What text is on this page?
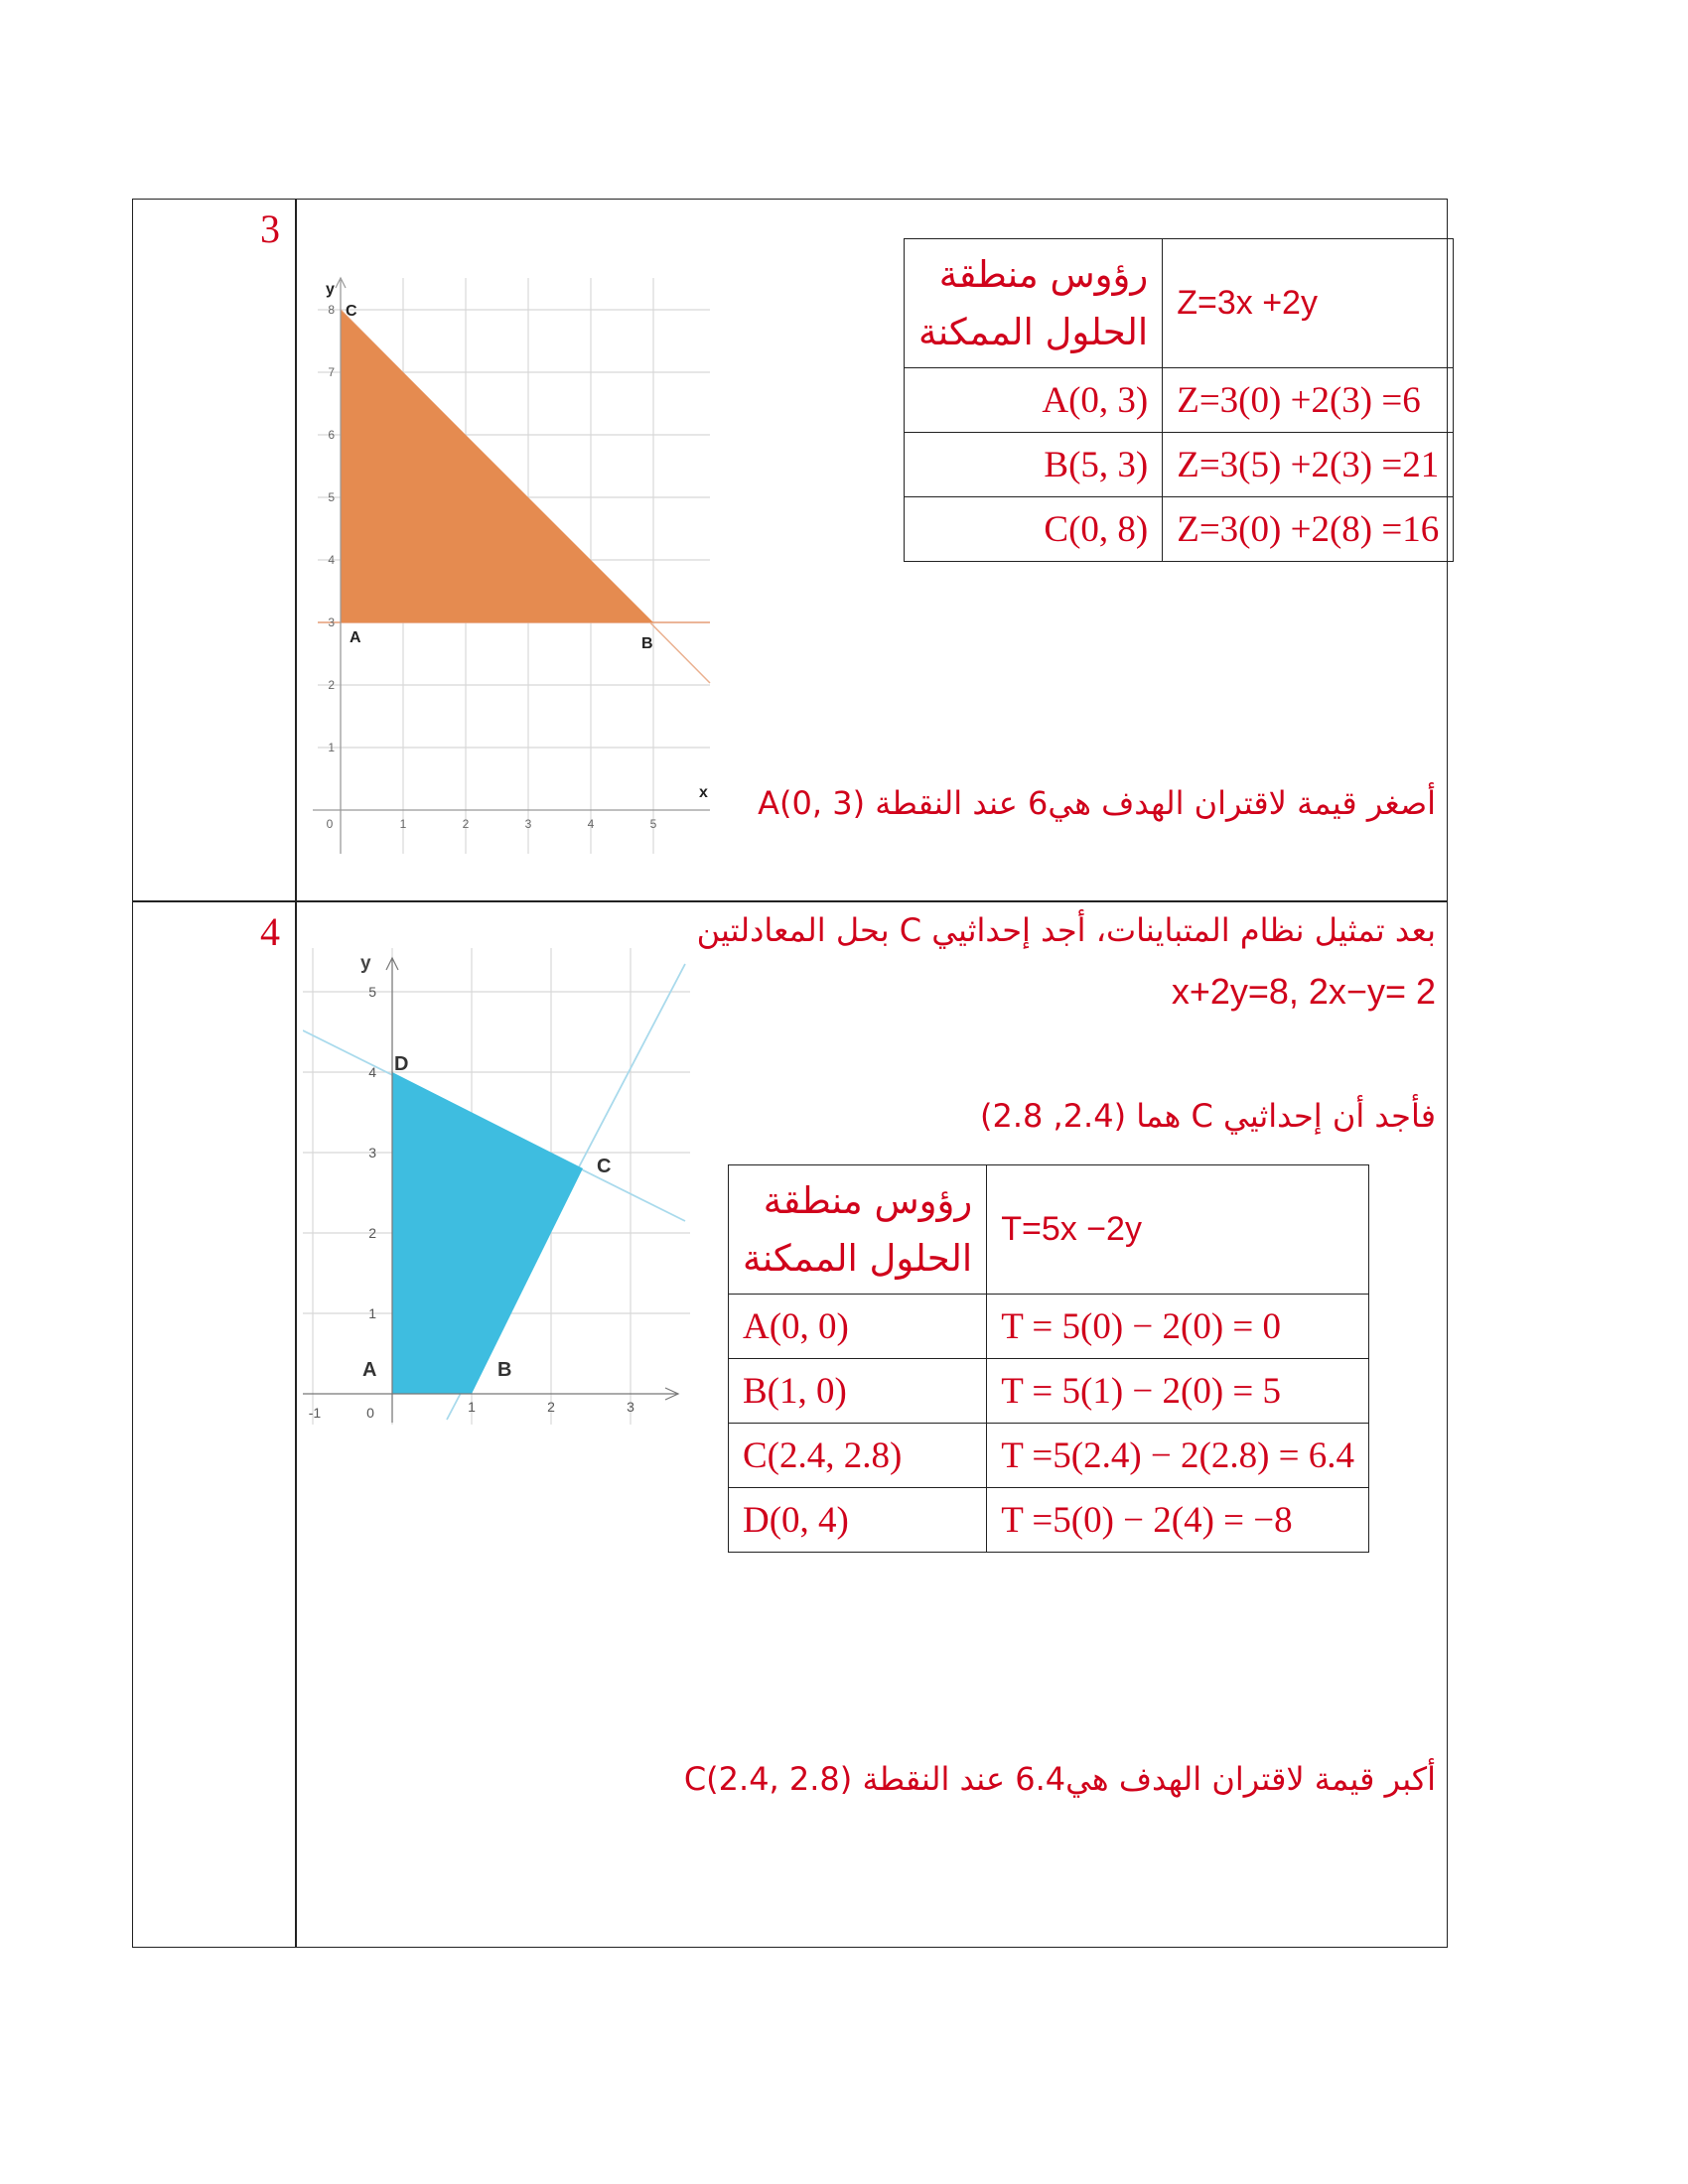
3
x
y
0	1	2	3	4	5
1
2
3
4
5
6
7
8
A	B
C
رؤوس منطقة
الحلول الممكنة	Z=3x +2y
A(0, 3)	Z=3(0) +2(3) =6
B(5, 3)	Z=3(5) +2(3) =21
C(0, 8)	Z=3(0) +2(8) =16
أصغر قيمة لاقتران الهدف هي6 عند النقطة A(0, 3)
4
y
-1	0	1	2	3
1
2
3
4
5
A	B
C
D
بعد تمثيل نظام المتباينات، أجد إحداثيي C بحل المعادلتين
x+2y=8, 2x−y= 2
فأجد أن إحداثيي C هما (2.4, 2.8)
رؤوس منطقة
الحلول الممكنة	T=5x −2y
A(0, 0)	T = 5(0) − 2(0) = 0
B(1, 0)	T = 5(1) − 2(0) = 5
C(2.4, 2.8)	T =5(2.4) − 2(2.8) = 6.4
D(0, 4)	T =5(0) − 2(4) = −8
أكبر قيمة لاقتران الهدف هي6.4 عند النقطة C(2.4, 2.8)
